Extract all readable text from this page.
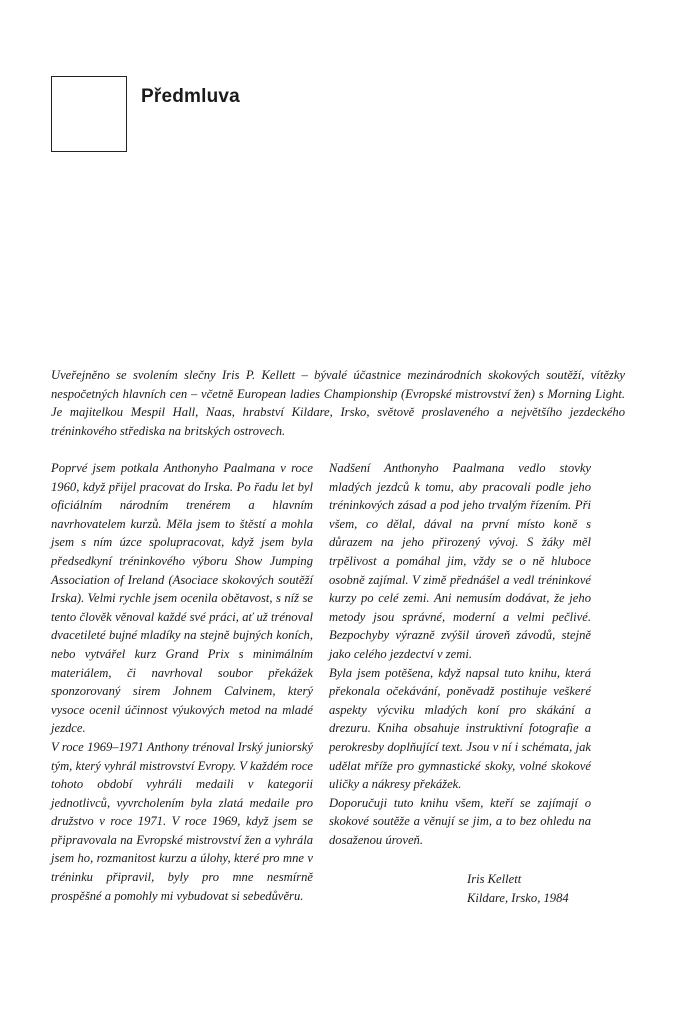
Předmluva

Uveřejněno se svolením slečny Iris P. Kellett – bývalé účastnice mezinárodních skokových soutěží, vítězky nespočetných hlavních cen – včetně European ladies Championship (Evropské mistrovství žen) s Morning Light. Je majitelkou Mespil Hall, Naas, hrabství Kildare, Irsko, světově proslaveného a největšího jezdeckého tréninkového střediska na britských ostrovech.

Poprvé jsem potkala Anthonyho Paalmana v roce 1960, když přijel pracovat do Irska. Po řadu let byl oficiálním národním trenérem a hlavním navrhovatelem kurzů. Měla jsem to štěstí a mohla jsem s ním úzce spolupracovat, když jsem byla předsedkyní tréninkového výboru Show Jumping Association of Ireland (Asociace skokových soutěží Irska). Velmi rychle jsem ocenila obětavost, s níž se tento člověk věnoval každé své práci, ať už trénoval dvacetileté bujné mladíky na stejně bujných koních, nebo vytvářel kurz Grand Prix s minimálním materiálem, či navrhoval soubor překážek sponzorovaný sirem Johnem Calvinem, který vysoce ocenil účinnost výukových metod na mladé jezdce.

V roce 1969–1971 Anthony trénoval Irský juniorský tým, který vyhrál mistrovství Evropy. V každém roce tohoto období vyhráli medaili v kategorii jednotlivců, vyvrcholením byla zlatá medaile pro družstvo v roce 1971. V roce 1969, když jsem se připravovala na Evropské mistrovství žen a vyhrála jsem ho, rozmanitost kurzu a úlohy, které pro mne v tréninku připravil, byly pro mne nesmírně prospěšné a pomohly mi vybudovat si sebedůvěru.

Nadšení Anthonyho Paalmana vedlo stovky mladých jezdců k tomu, aby pracovali podle jeho tréninkových zásad a pod jeho trvalým řízením. Při všem, co dělal, dával na první místo koně s důrazem na jeho přirozený vývoj. S žáky měl trpělivost a pomáhal jim, vždy se o ně hluboce osobně zajímal. V zimě přednášel a vedl tréninkové kurzy po celé zemi. Ani nemusím dodávat, že jeho metody jsou správné, moderní a velmi pečlivé. Bezpochyby výrazně zvýšil úroveň závodů, stejně jako celého jezdectví v zemi.

Byla jsem potěšena, když napsal tuto knihu, která překonala očekávání, poněvadž postihuje veškeré aspekty výcviku mladých koní pro skákání a drezuru. Kniha obsahuje instruktivní fotografie a perokresby doplňující text. Jsou v ní i schémata, jak udělat mříže pro gymnastické skoky, volné skokové uličky a nákresy překážek.

Doporučuji tuto knihu všem, kteří se zajímají o skokové soutěže a věnují se jim, a to bez ohledu na dosaženou úroveň.

Iris Kellett
Kildare, Irsko, 1984
